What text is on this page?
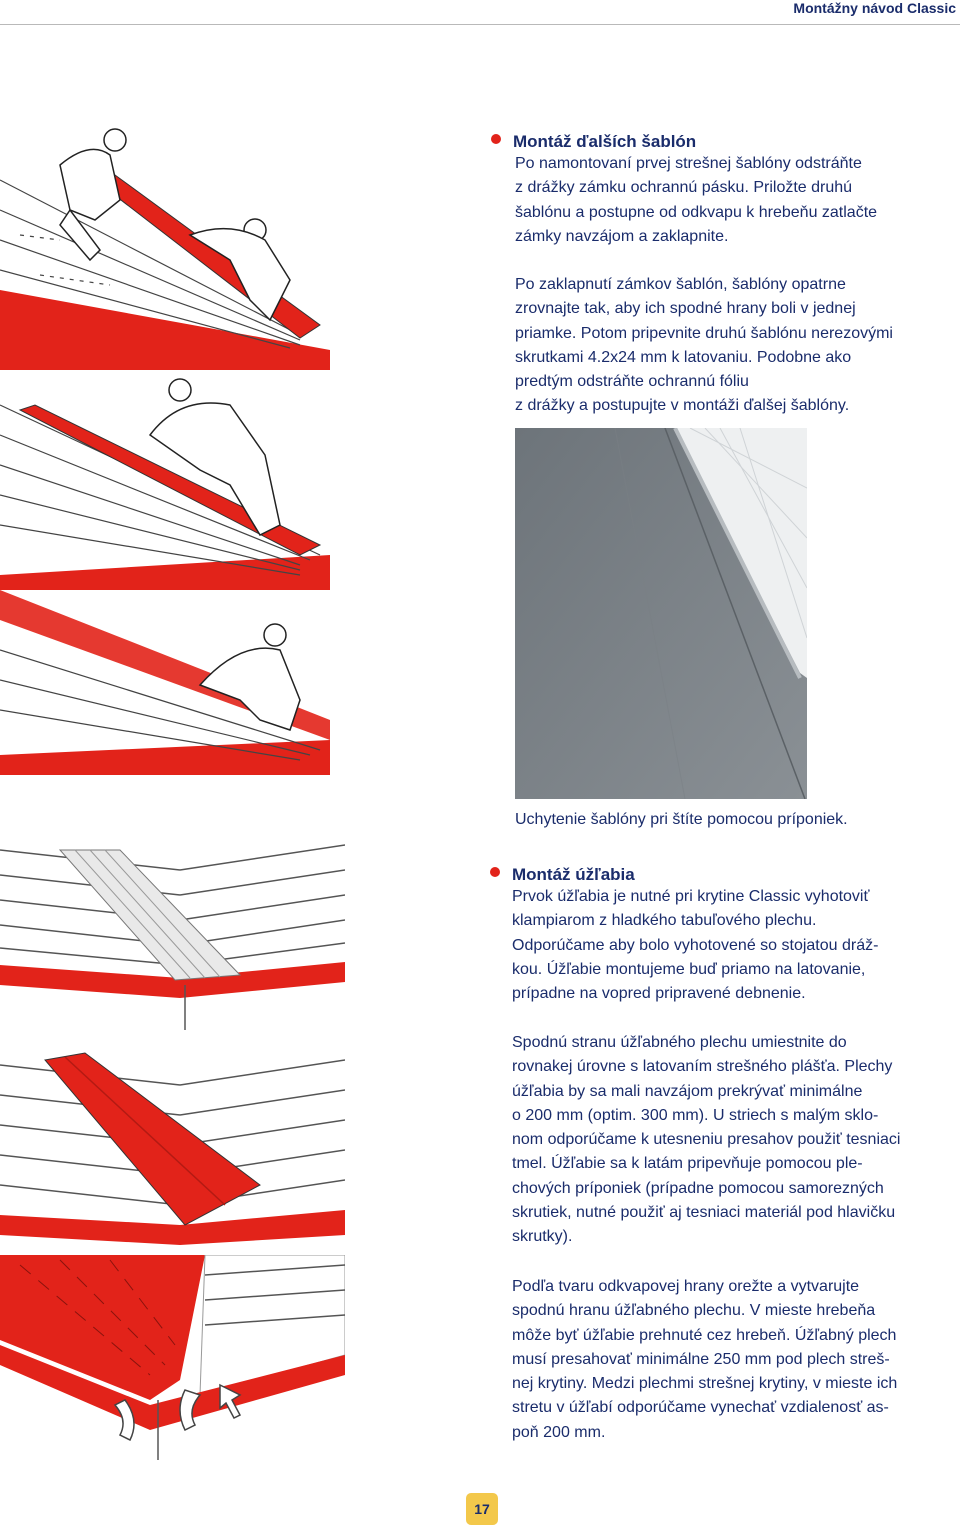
Montážny návod Classic
Montáž ďalších šablón

Po namontovaní prvej strešnej šablóny odstráňte

z drážky zámku ochrannú pásku. Priložte druhú

šablónu a postupne od odkvapu k hrebeňu zatlačte

zámky navzájom a zaklapnite.

Po zaklapnutí zámkov šablón, šablóny opatrne

zrovnajte tak, aby ich spodné hrany boli v jednej

priamke. Potom pripevnite druhú šablónu nerezovými

skrutkami 4.2x24 mm k latovaniu. Podobne ako

predtým odstráňte ochrannú fóliu

z drážky a postupujte v montáži ďalšej šablóny.

Uchytenie šablóny pri štíte pomocou príponiek.
Montáž úžľabia

Prvok úžľabia je nutné pri krytine Classic vyhotoviť

klampiarom z hladkého tabuľového plechu.

Odporúčame aby bolo vyhotovené so stojatou dráž-

kou. Úžľabie montujeme buď priamo na latovanie,

prípadne na vopred pripravené debnenie.

Spodnú stranu úžľabného plechu umiestnite do

rovnakej úrovne s latovaním strešného plášťa. Plechy

úžľabia by sa mali navzájom prekrývať minimálne

o 200 mm (optim. 300 mm). U striech s malým sklo-

nom odporúčame k utesneniu presahov použiť tesniaci

tmel. Úžľabie sa k latám pripevňuje pomocou ple-

chových príponiek (prípadne pomocou samorezných

skrutiek, nutné použiť aj tesniaci materiál pod hlavičku

skrutky).

Podľa tvaru odkvapovej hrany orežte a vytvarujte

spodnú hranu úžľabného plechu. V mieste hrebeňa

môže byť úžľabie prehnuté cez hrebeň. Úžľabný plech

musí presahovať minimálne 250 mm pod plech streš-

nej krytiny. Medzi plechmi strešnej krytiny, v mieste ich

stretu v úžľabí odporúčame vynechať vzdialenosť as-

poň 200 mm.

17
